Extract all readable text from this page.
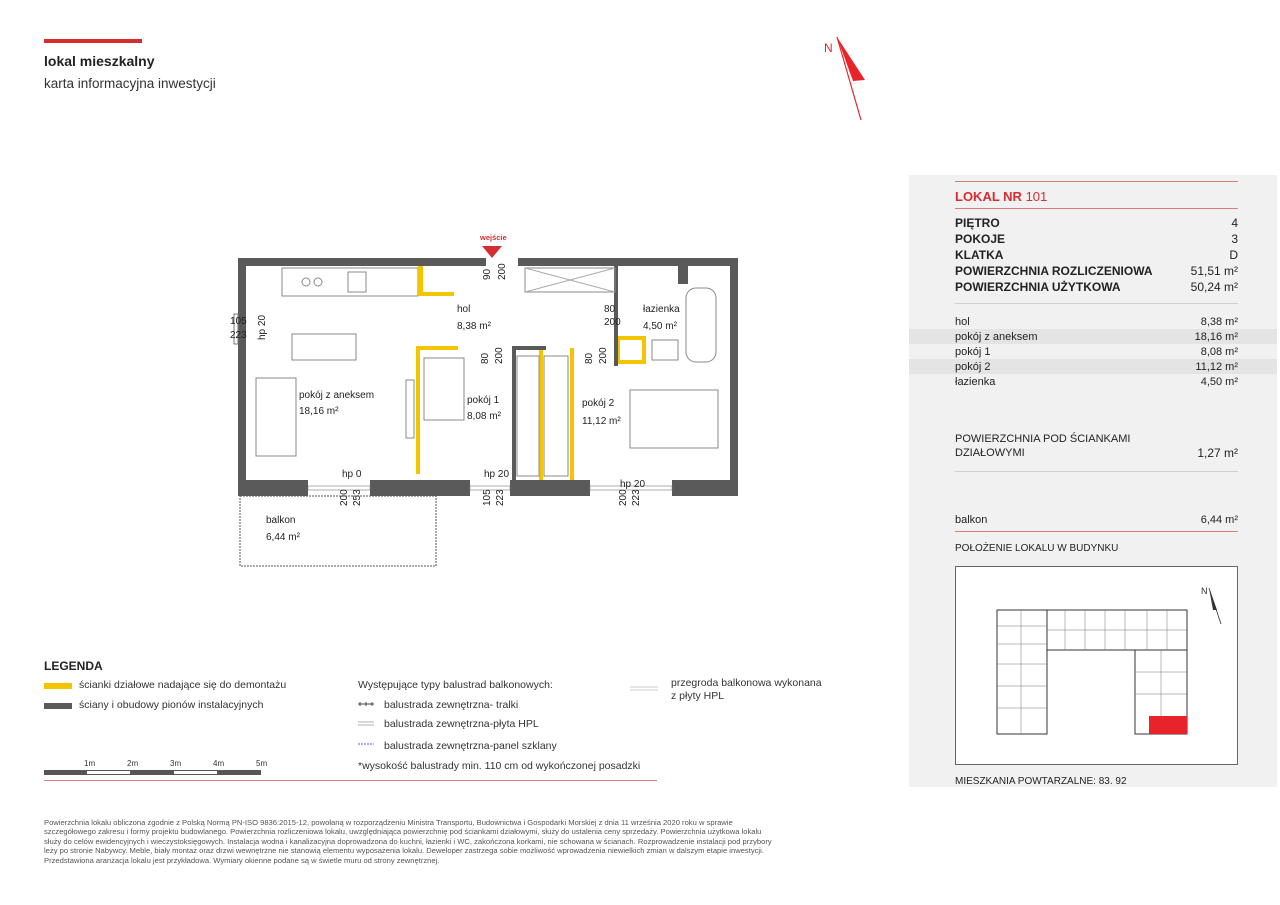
lokal mieszkalny
karta informacyjna inwestycji
N
wejście
hol
8,38 m²
łazienka
4,50 m²
pokój z aneksem
18,16 m²
pokój 1
8,08 m²
pokój 2
11,12 m²
balkon
6,44 m²
90 200
80
200
105
223 hp 20
80 200	80 200
hp 0
200 253
hp 20
105 223
hp 20
200 223
LOKAL NR 101
PIĘTRO	4
POKOJE	3
KLATKA	D
POWIERZCHNIA ROZLICZENIOWA	51,51 m²
POWIERZCHNIA UŻYTKOWA	50,24 m²
hol	8,38 m²
pokój z aneksem	18,16 m²
pokój 1	8,08 m²
pokój 2	11,12 m²
łazienka	4,50 m²
POWIERZCHNIA POD ŚCIANKAMI
DZIAŁOWYMI	1,27 m²
balkon	6,44 m²
POŁOŻENIE LOKALU W BUDYNKU
N
MIESZKANIA POWTARZALNE: 83. 92
LEGENDA
ścianki działowe nadające się do demontażu
ściany i obudowy pionów instalacyjnych
Występujące typy balustrad balkonowych:
balustrada zewnętrzna- tralki
balustrada zewnętrzna-płyta HPL
balustrada zewnętrzna-panel szklany
*wysokość balustrady min. 110 cm od wykończonej posadzki
przegroda balkonowa wykonana
z płyty HPL
1m	2m	3m	4m	5m
Powierzchnia lokalu obliczona zgodnie z Polską Normą PN-ISO 9836:2015-12, powołaną w rozporządzeniu Ministra Transportu, Budownictwa i Gospodarki Morskiej z dnia 11 września 2020 roku w sprawie
szczegółowego zakresu i formy projektu budowlanego. Powierzchnia rozliczeniowa lokalu, uwzględniająca powierzchnię pod ściankami działowymi, służy do ustalenia ceny sprzedaży. Powierzchnia użytkowa lokalu
służy do celów ewidencyjnych i wieczystoksięgowych. Instalacja wodna i kanalizacyjna doprowadzona do kuchni, łazienki i WC, zakończona korkami, nie schowana w ścianach. Rozprowadzenie instalacji pod przybory
leży po stronie Nabywcy. Meble, biały montaż oraz drzwi wewnętrzne nie stanowią elementu wyposażenia lokalu. Deweloper zastrzega sobie możliwość wprowadzenia niewielkich zmian w dalszym etapie inwestycji.
Przedstawiona aranżacja lokalu jest przykładowa. Wymiary okienne podane są w świetle muru od strony zewnętrznej.
